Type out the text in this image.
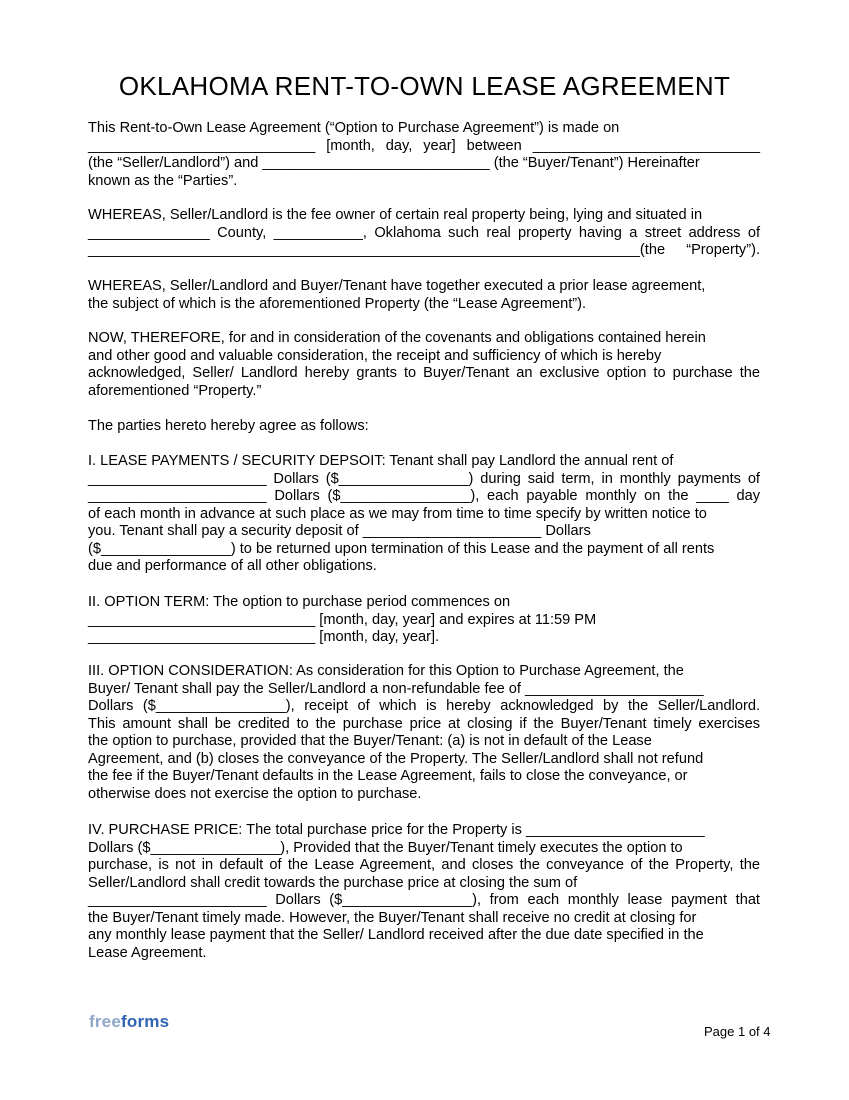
OKLAHOMA RENT-TO-OWN LEASE AGREEMENT
This Rent-to-Own Lease Agreement (“Option to Purchase Agreement”) is made on
____________________________ [month, day, year] between ____________________________
(the “Seller/Landlord”) and ____________________________ (the “Buyer/Tenant”) Hereinafter
known as the “Parties”.
WHEREAS, Seller/Landlord is the fee owner of certain real property being, lying and situated in
_______________ County, ___________, Oklahoma such real property having a street address of
____________________________________________________________________(the “Property”).
WHEREAS, Seller/Landlord and Buyer/Tenant have together executed a prior lease agreement,
the subject of which is the aforementioned Property (the “Lease Agreement”).
NOW, THEREFORE, for and in consideration of the covenants and obligations contained herein
and other good and valuable consideration, the receipt and sufficiency of which is hereby
acknowledged, Seller/ Landlord hereby grants to Buyer/Tenant an exclusive option to purchase the
aforementioned “Property.”
The parties hereto hereby agree as follows:
I. LEASE PAYMENTS / SECURITY DEPSOIT: Tenant shall pay Landlord the annual rent of
______________________ Dollars ($________________) during said term, in monthly payments of
______________________ Dollars ($________________), each payable monthly on the ____ day
of each month in advance at such place as we may from time to time specify by written notice to
you. Tenant shall pay a security deposit of ______________________ Dollars
($________________) to be returned upon termination of this Lease and the payment of all rents
due and performance of all other obligations.
II. OPTION TERM: The option to purchase period commences on
____________________________ [month, day, year] and expires at 11:59 PM
____________________________ [month, day, year].
III. OPTION CONSIDERATION: As consideration for this Option to Purchase Agreement, the
Buyer/ Tenant shall pay the Seller/Landlord a non-refundable fee of ______________________
Dollars ($________________), receipt of which is hereby acknowledged by the Seller/Landlord.
This amount shall be credited to the purchase price at closing if the Buyer/Tenant timely exercises
the option to purchase, provided that the Buyer/Tenant: (a) is not in default of the Lease
Agreement, and (b) closes the conveyance of the Property. The Seller/Landlord shall not refund
the fee if the Buyer/Tenant defaults in the Lease Agreement, fails to close the conveyance, or
otherwise does not exercise the option to purchase.
IV. PURCHASE PRICE: The total purchase price for the Property is ______________________
Dollars ($________________), Provided that the Buyer/Tenant timely executes the option to
purchase, is not in default of the Lease Agreement, and closes the conveyance of the Property, the
Seller/Landlord shall credit towards the purchase price at closing the sum of
______________________ Dollars ($________________), from each monthly lease payment that
the Buyer/Tenant timely made. However, the Buyer/Tenant shall receive no credit at closing for
any monthly lease payment that the Seller/ Landlord received after the due date specified in the
Lease Agreement.
freeforms
Page 1 of 4
